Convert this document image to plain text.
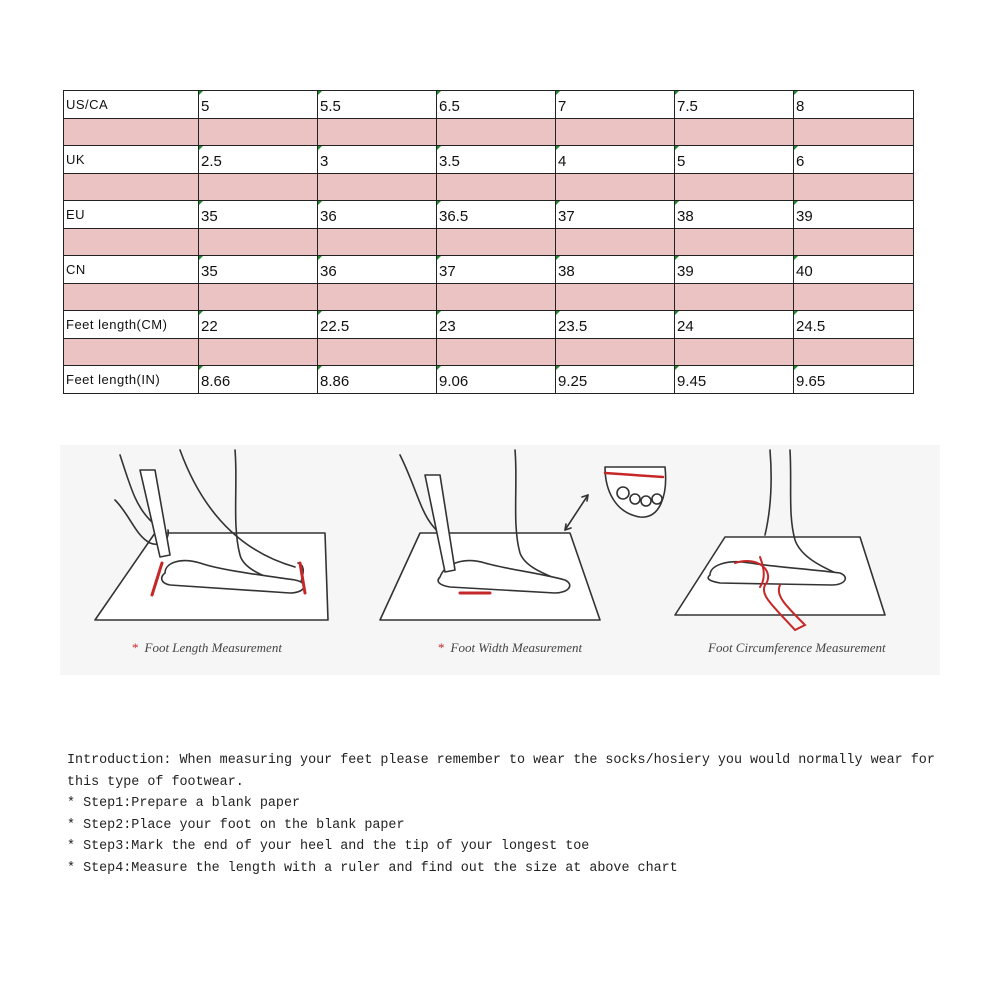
US/CA	5	5.5	6.5	7	7.5	8

UK	2.5	3	3.5	4	5	6

EU	35	36	36.5	37	38	39

CN	35	36	37	38	39	40

Feet length(CM)	22	22.5	23	23.5	24	24.5

Feet length(IN)	8.66	8.86	9.06	9.25	9.45	9.65
* Foot Length Measurement	* Foot Width Measurement	Foot Circumference Measurement

Introduction: When measuring your feet please remember to wear the socks/hosiery you would normally wear for this type of footwear.

* Step1:Prepare a blank paper

* Step2:Place your foot on the blank paper

* Step3:Mark the end of your heel and the tip of your longest toe

* Step4:Measure the length with a ruler and find out the size at above chart
